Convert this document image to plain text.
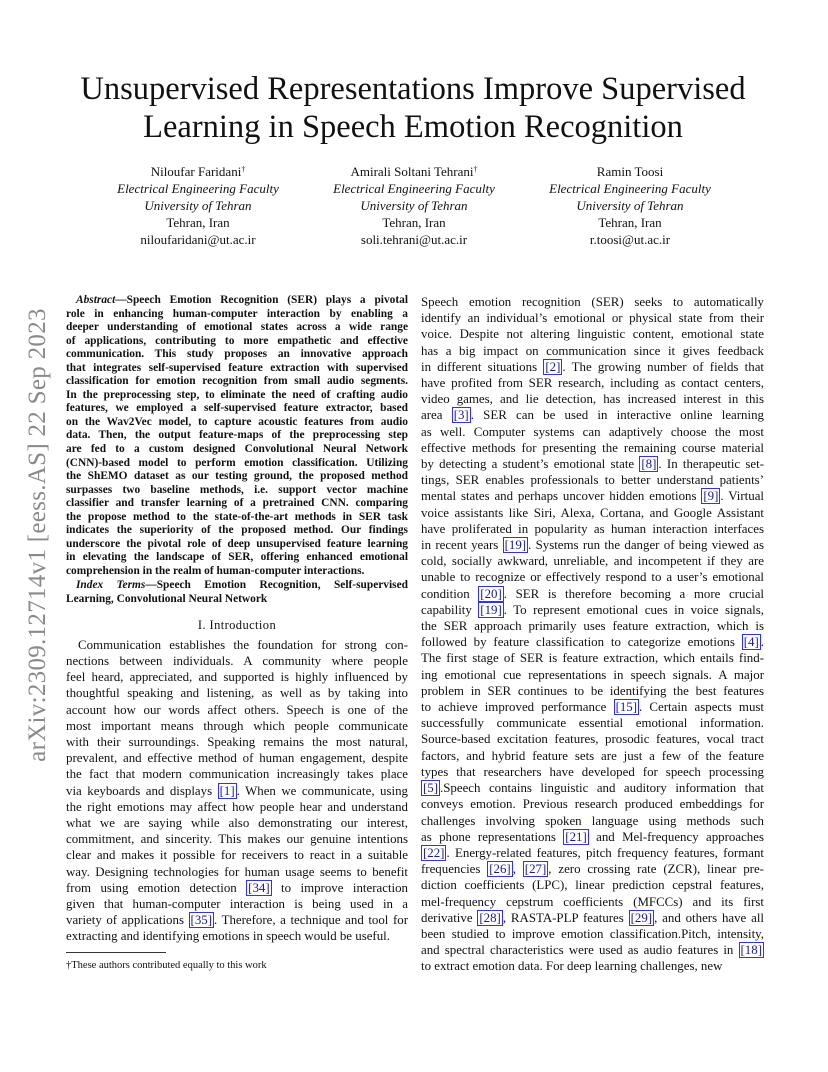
arXiv:2309.12714v1 [eess.AS] 22 Sep 2023
Unsupervised Representations Improve Supervised
Learning in Speech Emotion Recognition
Niloufar Faridani†
Electrical Engineering Faculty
University of Tehran
Tehran, Iran
niloufaridani@ut.ac.ir
Amirali Soltani Tehrani†
Electrical Engineering Faculty
University of Tehran
Tehran, Iran
soli.tehrani@ut.ac.ir
Ramin Toosi
Electrical Engineering Faculty
University of Tehran
Tehran, Iran
r.toosi@ut.ac.ir
Abstract—Speech Emotion Recognition (SER) plays a pivotal
role in enhancing human-computer interaction by enabling a
deeper understanding of emotional states across a wide range
of applications, contributing to more empathetic and effective
communication. This study proposes an innovative approach
that integrates self-supervised feature extraction with supervised
classification for emotion recognition from small audio segments.
In the preprocessing step, to eliminate the need of crafting audio
features, we employed a self-supervised feature extractor, based
on the Wav2Vec model, to capture acoustic features from audio
data. Then, the output feature-maps of the preprocessing step
are fed to a custom designed Convolutional Neural Network
(CNN)-based model to perform emotion classification. Utilizing
the ShEMO dataset as our testing ground, the proposed method
surpasses two baseline methods, i.e. support vector machine
classifier and transfer learning of a pretrained CNN. comparing
the propose method to the state-of-the-art methods in SER task
indicates the superiority of the proposed method. Our findings
underscore the pivotal role of deep unsupervised feature learning
in elevating the landscape of SER, offering enhanced emotional
comprehension in the realm of human-computer interactions.
Index Terms—Speech Emotion Recognition, Self-supervised
Learning, Convolutional Neural Network
I. Introduction
Communication establishes the foundation for strong con-
nections between individuals. A community where people
feel heard, appreciated, and supported is highly influenced by
thoughtful speaking and listening, as well as by taking into
account how our words affect others. Speech is one of the
most important means through which people communicate
with their surroundings. Speaking remains the most natural,
prevalent, and effective method of human engagement, despite
the fact that modern communication increasingly takes place
via keyboards and displays [1] . When we communicate, using
the right emotions may affect how people hear and understand
what we are saying while also demonstrating our interest,
commitment, and sincerity. This makes our genuine intentions
clear and makes it possible for receivers to react in a suitable
way. Designing technologies for human usage seems to benefit
from using emotion detection [34] to improve interaction
given that human-computer interaction is being used in a
variety of applications [35] . Therefore, a technique and tool for
extracting and identifying emotions in speech would be useful.
†These authors contributed equally to this work
Speech emotion recognition (SER) seeks to automatically
identify an individual’s emotional or physical state from their
voice. Despite not altering linguistic content, emotional state
has a big impact on communication since it gives feedback
in different situations [2] . The growing number of fields that
have profited from SER research, including as contact centers,
video games, and lie detection, has increased interest in this
area [3] . SER can be used in interactive online learning
as well. Computer systems can adaptively choose the most
effective methods for presenting the remaining course material
by detecting a student’s emotional state [8] . In therapeutic set-
tings, SER enables professionals to better understand patients’
mental states and perhaps uncover hidden emotions [9] . Virtual
voice assistants like Siri, Alexa, Cortana, and Google Assistant
have proliferated in popularity as human interaction interfaces
in recent years [19] . Systems run the danger of being viewed as
cold, socially awkward, unreliable, and incompetent if they are
unable to recognize or effectively respond to a user’s emotional
condition [20] . SER is therefore becoming a more crucial
capability [19] . To represent emotional cues in voice signals,
the SER approach primarily uses feature extraction, which is
followed by feature classification to categorize emotions [4] .
The first stage of SER is feature extraction, which entails find-
ing emotional cue representations in speech signals. A major
problem in SER continues to be identifying the best features
to achieve improved performance [15] . Certain aspects must
successfully communicate essential emotional information.
Source-based excitation features, prosodic features, vocal tract
factors, and hybrid feature sets are just a few of the feature
types that researchers have developed for speech processing
[5] .Speech contains linguistic and auditory information that
conveys emotion. Previous research produced embeddings for
challenges involving spoken language using methods such
as phone representations [21] and Mel-frequency approaches
[22] . Energy-related features, pitch frequency features, formant
frequencies [26] , [27] , zero crossing rate (ZCR), linear pre-
diction coefficients (LPC), linear prediction cepstral features,
mel-frequency cepstrum coefficients (MFCCs) and its first
derivative [28] , RASTA-PLP features [29] , and others have all
been studied to improve emotion classification.Pitch, intensity,
and spectral characteristics were used as audio features in [18]
to extract emotion data. For deep learning challenges, new
